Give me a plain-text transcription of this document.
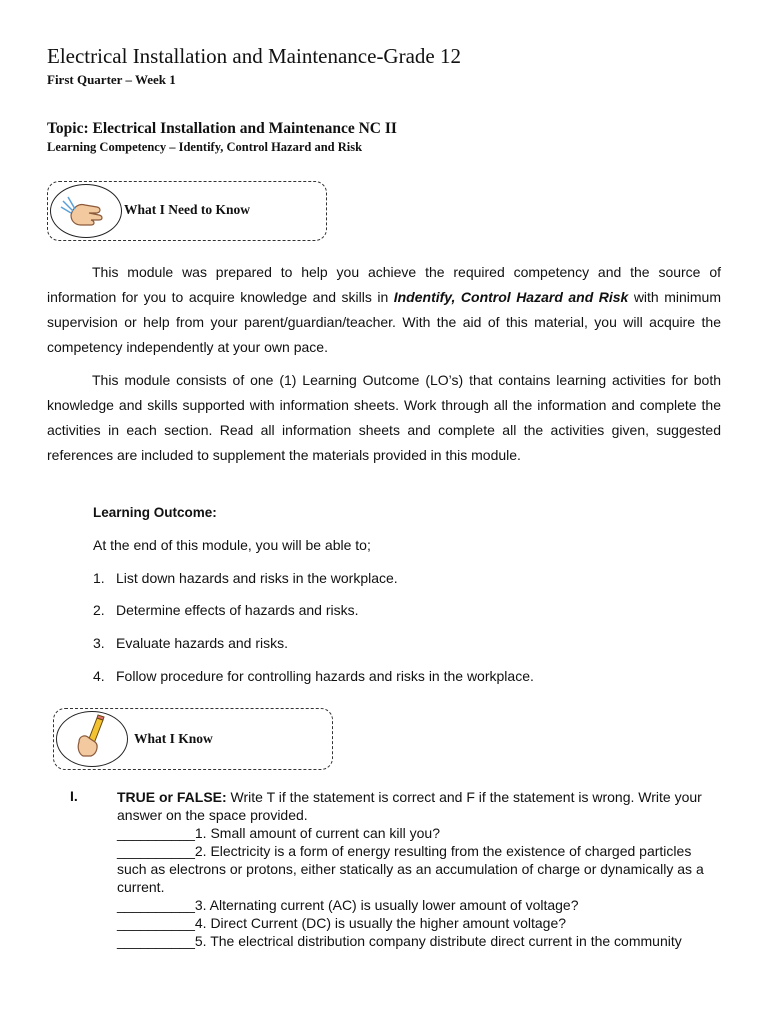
Electrical Installation and Maintenance-Grade 12
First Quarter – Week 1
Topic: Electrical Installation and Maintenance NC II
Learning Competency – Identify, Control Hazard and Risk
What I Need to Know

This module was prepared to help you achieve the required competency and the source of information for you to acquire knowledge and skills in Indentify, Control Hazard and Risk with minimum supervision or help from your parent/guardian/teacher. With the aid of this material, you will acquire the competency independently at your own pace.

This module consists of one (1) Learning Outcome (LO’s) that contains learning activities for both knowledge and skills supported with information sheets. Work through all the information and complete the activities in each section. Read all information sheets and complete all the activities given, suggested references are included to supplement the materials provided in this module.

Learning Outcome:
At the end of this module, you will be able to;
1. List down hazards and risks in the workplace.
2. Determine effects of hazards and risks.
3. Evaluate hazards and risks.
4. Follow procedure for controlling hazards and risks in the workplace.
What I Know
I.	TRUE or FALSE: Write T if the statement is correct and F if the statement is wrong. Write your answer on the space provided.

__________1. Small amount of current can kill you?

__________2. Electricity is a form of energy resulting from the existence of charged particles such as electrons or protons, either statically as an accumulation of charge or dynamically as a current.

__________3. Alternating current (AC) is usually lower amount of voltage?

__________4. Direct Current (DC) is usually the higher amount voltage?

__________5. The electrical distribution company distribute direct current in the community
